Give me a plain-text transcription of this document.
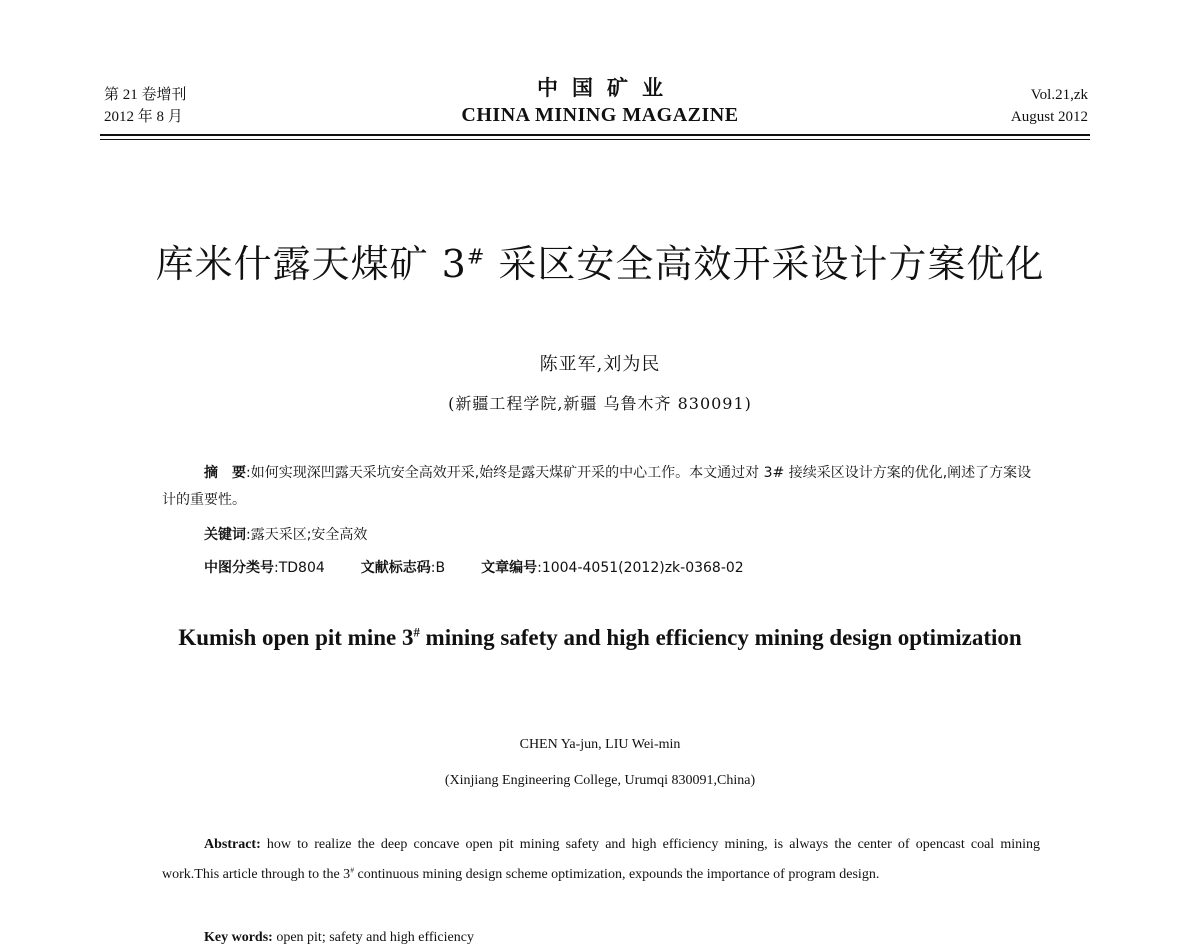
第 21 卷增刊
2012 年 8 月
中国矿业
CHINA MINING MAGAZINE
Vol.21,zk
August 2012
库米什露天煤矿 3# 采区安全高效开采设计方案优化
陈亚军,刘为民
(新疆工程学院,新疆 乌鲁木齐 830091)
摘　要:如何实现深凹露天采坑安全高效开采,始终是露天煤矿开采的中心工作。本文通过对 3# 接续采区设计方案的优化,阐述了方案设计的重要性。
关键词:露天采区;安全高效
中图分类号:TD804	文献标志码:B	文章编号:1004-4051(2012)zk-0368-02
Kumish open pit mine 3# mining safety and high efficiency mining design optimization
CHEN Ya-jun, LIU Wei-min
(Xinjiang Engineering College, Urumqi 830091,China)
Abstract: how to realize the deep concave open pit mining safety and high efficiency mining, is always the center of opencast coal mining work.This article through to the 3# continuous mining design scheme optimization, expounds the importance of program design.
Key words: open pit; safety and high efficiency
